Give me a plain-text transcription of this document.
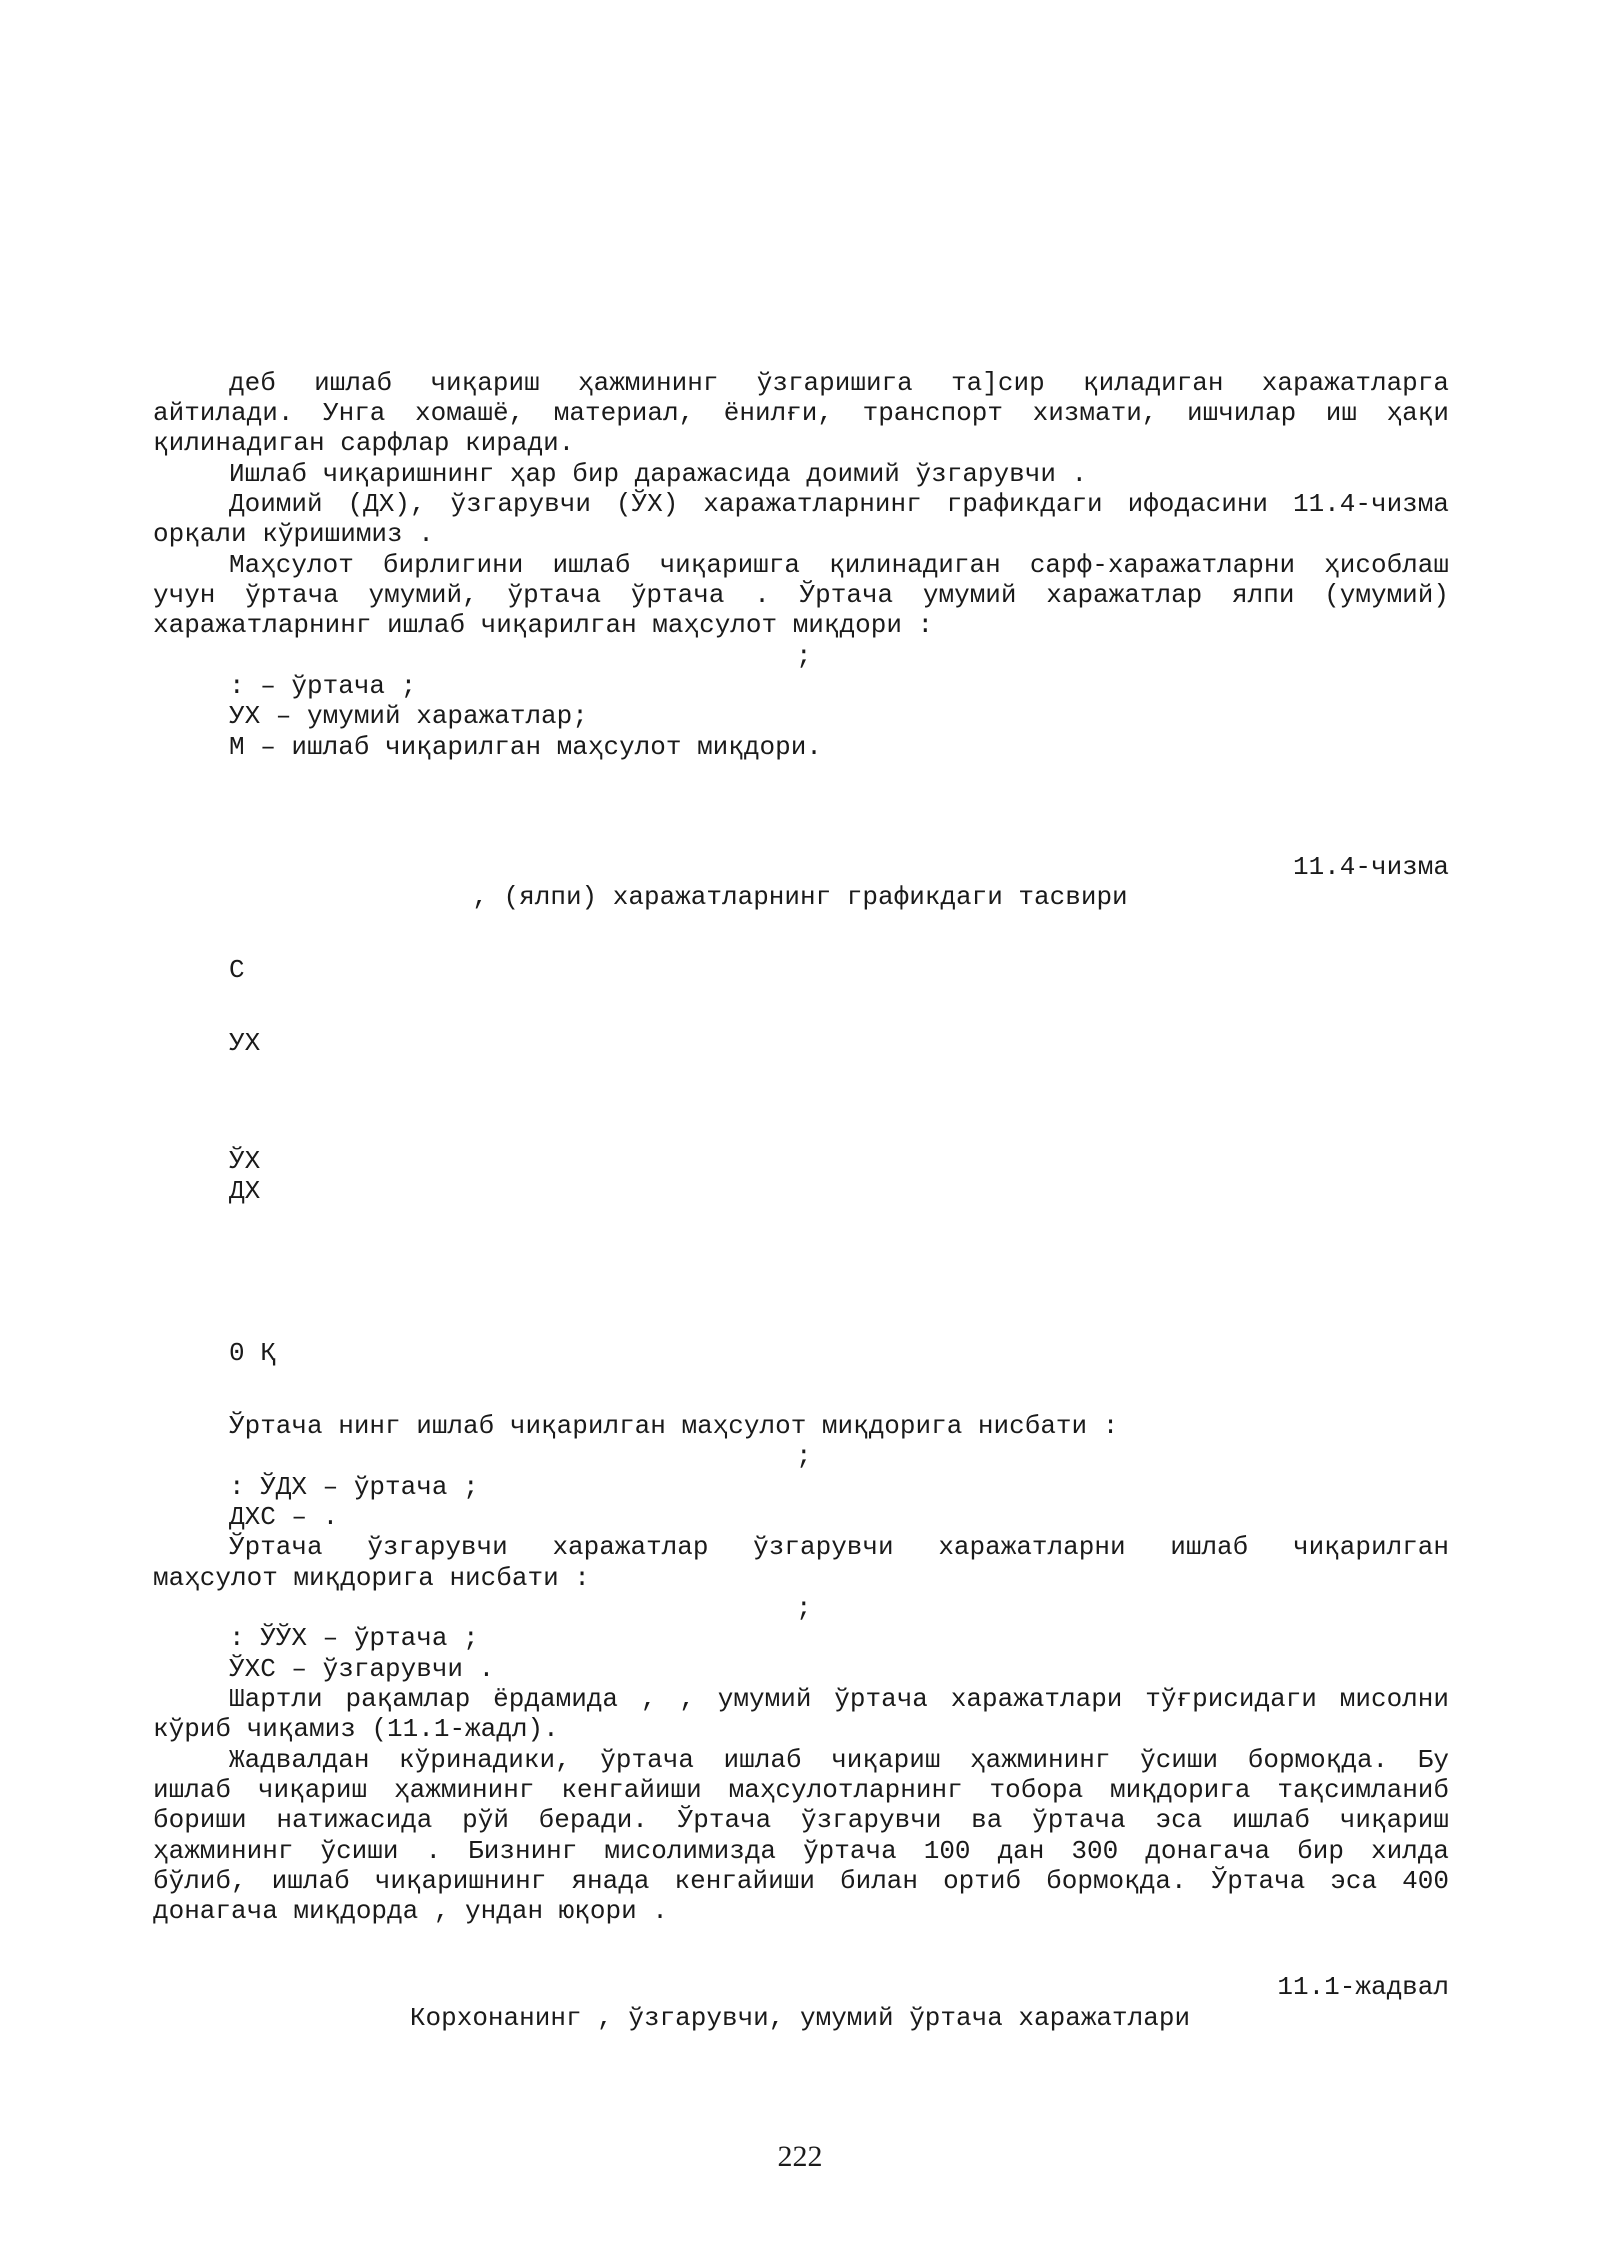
деб ишлаб чиқариш ҳажмининг ўзгаришига та]сир қиладиган харажатларга
айтилади. Унга хомашё, материал, ёнилғи, транспорт хизмати, ишчилар иш ҳақи
қилинадиган сарфлар киради.
Ишлаб чиқаришнинг ҳар бир даражасида доимий ўзгарувчи .
Доимий (ДХ), ўзгарувчи (ЎХ) харажатларнинг графикдаги ифодасини 11.4-чизма
орқали кўришимиз .
Маҳсулот бирлигини ишлаб чиқаришга қилинадиган сарф-харажатларни ҳисоблаш
учун ўртача умумий, ўртача ўртача . Ўртача умумий харажатлар ялпи (умумий)
харажатларнинг ишлаб чиқарилган маҳсулот миқдори :
;
: – ўртача ;
УХ – умумий харажатлар;
М – ишлаб чиқарилган маҳсулот миқдори.
11.4-чизма
, (ялпи) харажатларнинг графикдаги тасвири
С
УХ
ЎХ
ДХ
0 Қ
Ўртача нинг ишлаб чиқарилган маҳсулот миқдорига нисбати :
;
: ЎДХ – ўртача ;
ДХС – .
Ўртача ўзгарувчи харажатлар ўзгарувчи харажатларни ишлаб чиқарилган
маҳсулот миқдорига нисбати :
;
: ЎЎХ – ўртача ;
ЎХС – ўзгарувчи .
Шартли рақамлар ёрдамида , , умумий ўртача харажатлари тўғрисидаги мисолни
кўриб чиқамиз (11.1-жадл).
Жадвалдан кўринадики, ўртача ишлаб чиқариш ҳажмининг ўсиши бормоқда. Бу
ишлаб чиқариш ҳажмининг кенгайиши маҳсулотларнинг тобора миқдорига тақсимланиб
бориши натижасида рўй беради. Ўртача ўзгарувчи ва ўртача эса ишлаб чиқариш
ҳажмининг ўсиши . Бизнинг мисолимизда ўртача 100 дан 300 донагача бир хилда
бўлиб, ишлаб чиқаришнинг янада кенгайиши билан ортиб бормоқда. Ўртача эса 400
донагача миқдорда , ундан юқори .
11.1-жадвал
Корхонанинг , ўзгарувчи, умумий ўртача харажатлари
222
